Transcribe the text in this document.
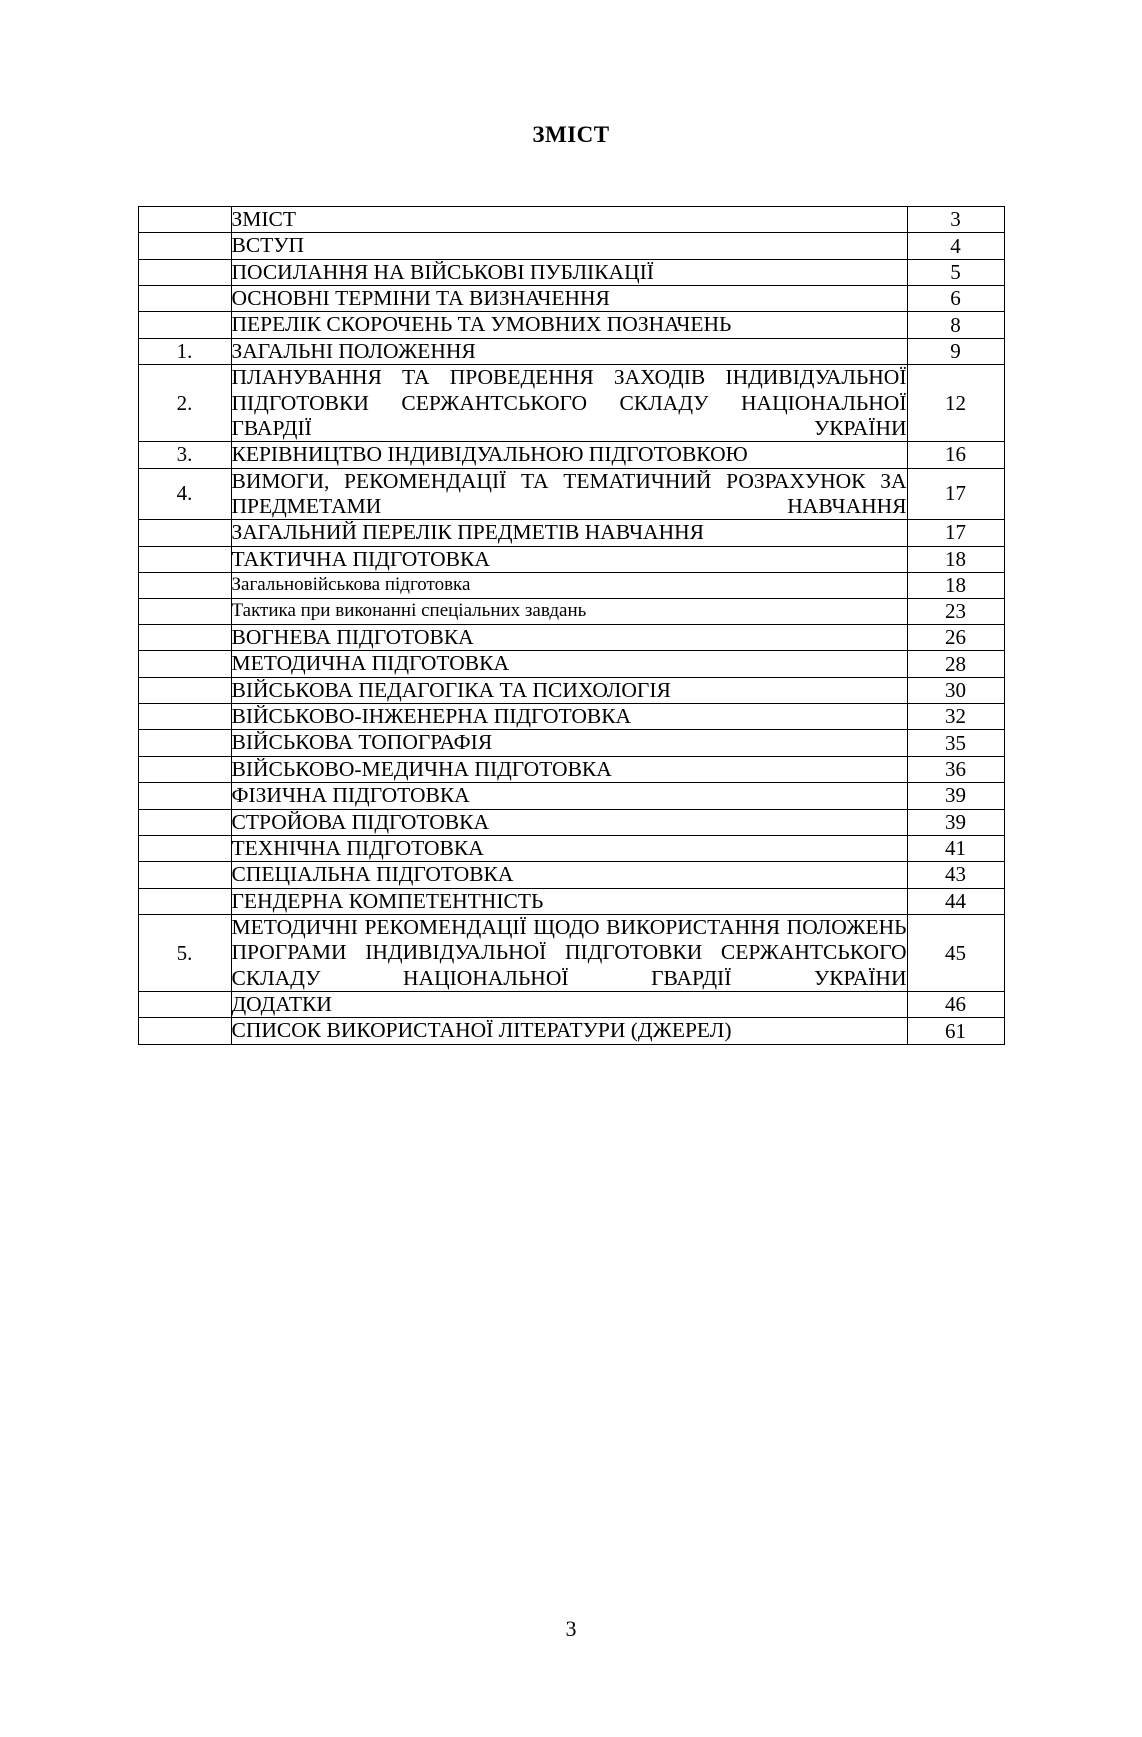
ЗМІСТ
	ЗМІСТ	3
	ВСТУП	4
	ПОСИЛАННЯ НА ВІЙСЬКОВІ ПУБЛІКАЦІЇ	5
	ОСНОВНІ ТЕРМІНИ ТА ВИЗНАЧЕННЯ	6
	ПЕРЕЛІК СКОРОЧЕНЬ ТА УМОВНИХ ПОЗНАЧЕНЬ	8
1.	ЗАГАЛЬНІ ПОЛОЖЕННЯ	9
2.	ПЛАНУВАННЯ ТА ПРОВЕДЕННЯ ЗАХОДІВ ІНДИВІДУАЛЬНОЇ ПІДГОТОВКИ СЕРЖАНТСЬКОГО СКЛАДУ НАЦІОНАЛЬНОЇ ГВАРДІЇ УКРАЇНИ	12
3.	КЕРІВНИЦТВО ІНДИВІДУАЛЬНОЮ ПІДГОТОВКОЮ	16
4.	ВИМОГИ, РЕКОМЕНДАЦІЇ ТА ТЕМАТИЧНИЙ РОЗРАХУНОК ЗА ПРЕДМЕТАМИ НАВЧАННЯ	17
	ЗАГАЛЬНИЙ ПЕРЕЛІК ПРЕДМЕТІВ НАВЧАННЯ	17
	ТАКТИЧНА ПІДГОТОВКА	18
	Загальновійськова підготовка	18
	Тактика при виконанні спеціальних завдань	23
	ВОГНЕВА ПІДГОТОВКА	26
	МЕТОДИЧНА ПІДГОТОВКА	28
	ВІЙСЬКОВА ПЕДАГОГІКА ТА ПСИХОЛОГІЯ	30
	ВІЙСЬКОВО-ІНЖЕНЕРНА ПІДГОТОВКА	32
	ВІЙСЬКОВА ТОПОГРАФІЯ	35
	ВІЙСЬКОВО-МЕДИЧНА ПІДГОТОВКА	36
	ФІЗИЧНА ПІДГОТОВКА	39
	СТРОЙОВА ПІДГОТОВКА	39
	ТЕХНІЧНА ПІДГОТОВКА	41
	СПЕЦІАЛЬНА ПІДГОТОВКА	43
	ГЕНДЕРНА КОМПЕТЕНТНІСТЬ	44
5.	МЕТОДИЧНІ РЕКОМЕНДАЦІЇ ЩОДО ВИКОРИСТАННЯ ПОЛОЖЕНЬ ПРОГРАМИ ІНДИВІДУАЛЬНОЇ ПІДГОТОВКИ СЕРЖАНТСЬКОГО СКЛАДУ НАЦІОНАЛЬНОЇ ГВАРДІЇ УКРАЇНИ	45
	ДОДАТКИ	46
	СПИСОК ВИКОРИСТАНОЇ ЛІТЕРАТУРИ (ДЖЕРЕЛ)	61
3
